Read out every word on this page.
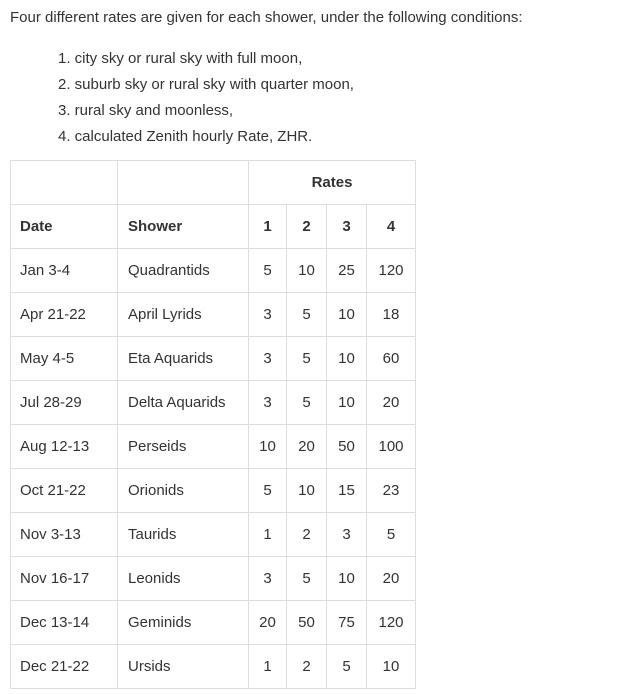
Four different rates are given for each shower, under the following conditions:
1. city sky or rural sky with full moon,
2. suburb sky or rural sky with quarter moon,
3. rural sky and moonless,
4. calculated Zenith hourly Rate, ZHR.
		Rates			
Date	Shower	1	2	3	4
Jan 3-4	Quadrantids	5	10	25	120
Apr 21-22	April Lyrids	3	5	10	18
May 4-5	Eta Aquarids	3	5	10	60
Jul 28-29	Delta Aquarids	3	5	10	20
Aug 12-13	Perseids	10	20	50	100
Oct 21-22	Orionids	5	10	15	23
Nov 3-13	Taurids	1	2	3	5
Nov 16-17	Leonids	3	5	10	20
Dec 13-14	Geminids	20	50	75	120
Dec 21-22	Ursids	1	2	5	10
